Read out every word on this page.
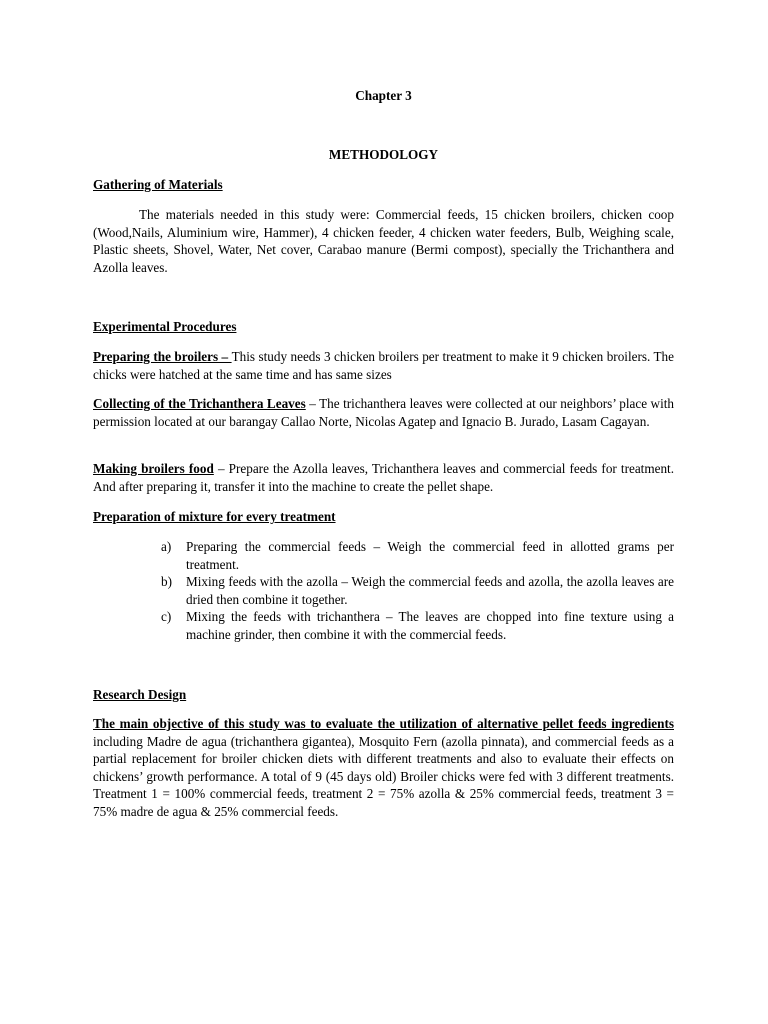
Chapter 3
METHODOLOGY
Gathering of Materials
The materials needed in this study were: Commercial feeds, 15 chicken broilers, chicken coop (Wood,Nails, Aluminium wire, Hammer), 4 chicken feeder, 4 chicken water feeders, Bulb, Weighing scale, Plastic sheets, Shovel, Water, Net cover, Carabao manure (Bermi compost), specially the Trichanthera and Azolla leaves.
Experimental Procedures
Preparing the broilers – This study needs 3 chicken broilers per treatment to make it 9 chicken broilers. The chicks were hatched at the same time and has same sizes
Collecting of the Trichanthera Leaves – The trichanthera leaves were collected at our neighbors’ place with permission located at our barangay Callao Norte, Nicolas Agatep and Ignacio B. Jurado, Lasam Cagayan.
Making broilers food – Prepare the Azolla leaves, Trichanthera leaves and commercial feeds for treatment. And after preparing it, transfer it into the machine to create the pellet shape.
Preparation of mixture for every treatment
a) Preparing the commercial feeds – Weigh the commercial feed in allotted grams per treatment.
b) Mixing feeds with the azolla – Weigh the commercial feeds and azolla, the azolla leaves are dried then combine it together.
c) Mixing the feeds with trichanthera – The leaves are chopped into fine texture using a machine grinder, then combine it with the commercial feeds.
Research Design
The main objective of this study was to evaluate the utilization of alternative pellet feeds ingredients including Madre de agua (trichanthera gigantea), Mosquito Fern (azolla pinnata), and commercial feeds as a partial replacement for broiler chicken diets with different treatments and also to evaluate their effects on chickens’ growth performance. A total of 9 (45 days old) Broiler chicks were fed with 3 different treatments. Treatment 1 = 100% commercial feeds, treatment 2 = 75% azolla & 25% commercial feeds, treatment 3 = 75% madre de agua & 25% commercial feeds.
